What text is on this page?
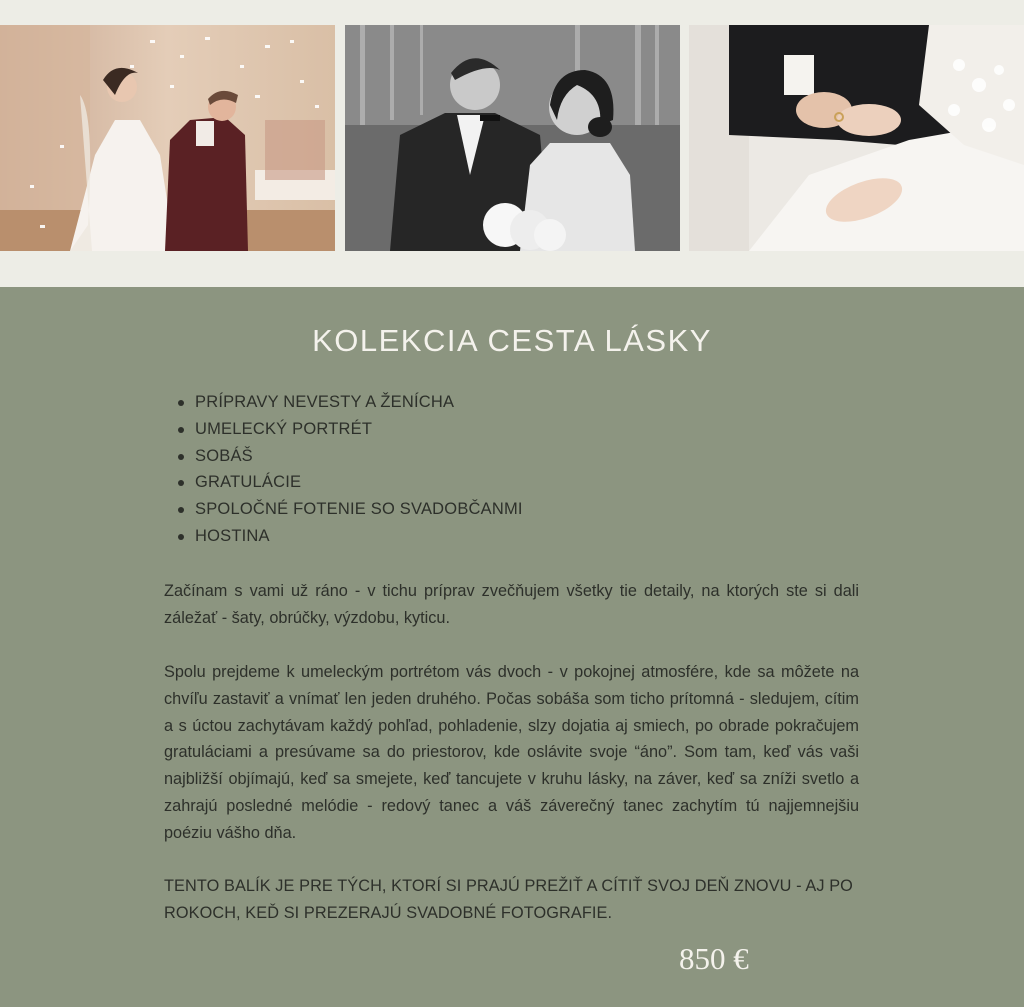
KOLEKCIA CESTA LÁSKY
PRÍPRAVY NEVESTY A ŽENÍCHA
UMELECKÝ PORTRÉT
SOBÁŠ
GRATULÁCIE
SPOLOČNÉ FOTENIE SO SVADOBČANMI
HOSTINA

Začínam s vami už ráno - v tichu príprav zvečňujem všetky tie detaily, na ktorých ste si dali záležať - šaty, obrúčky, výzdobu, kyticu.

Spolu prejdeme k umeleckým portrétom vás dvoch - v pokojnej atmosfére, kde sa môžete na chvíľu zastaviť a vnímať len jeden druhého. Počas sobáša som ticho prítomná - sledujem, cítim a s úctou zachytávam každý pohľad, pohladenie, slzy dojatia aj smiech, po obrade pokračujem gratuláciami a presúvame sa do priestorov, kde oslávite svoje “áno”. Som tam, keď vás vaši najbližší objímajú, keď sa smejete, keď tancujete v kruhu lásky, na záver, keď sa zníži svetlo a zahrajú posledné melódie - redový tanec a váš záverečný tanec zachytím tú najjemnejšiu poéziu vášho dňa.

TENTO BALÍK JE PRE TÝCH, KTORÍ SI PRAJÚ PREŽIŤ A CÍTIŤ SVOJ DEŇ ZNOVU - AJ PO ROKOCH, KEĎ SI PREZERAJÚ SVADOBNÉ FOTOGRAFIE.

850 €
